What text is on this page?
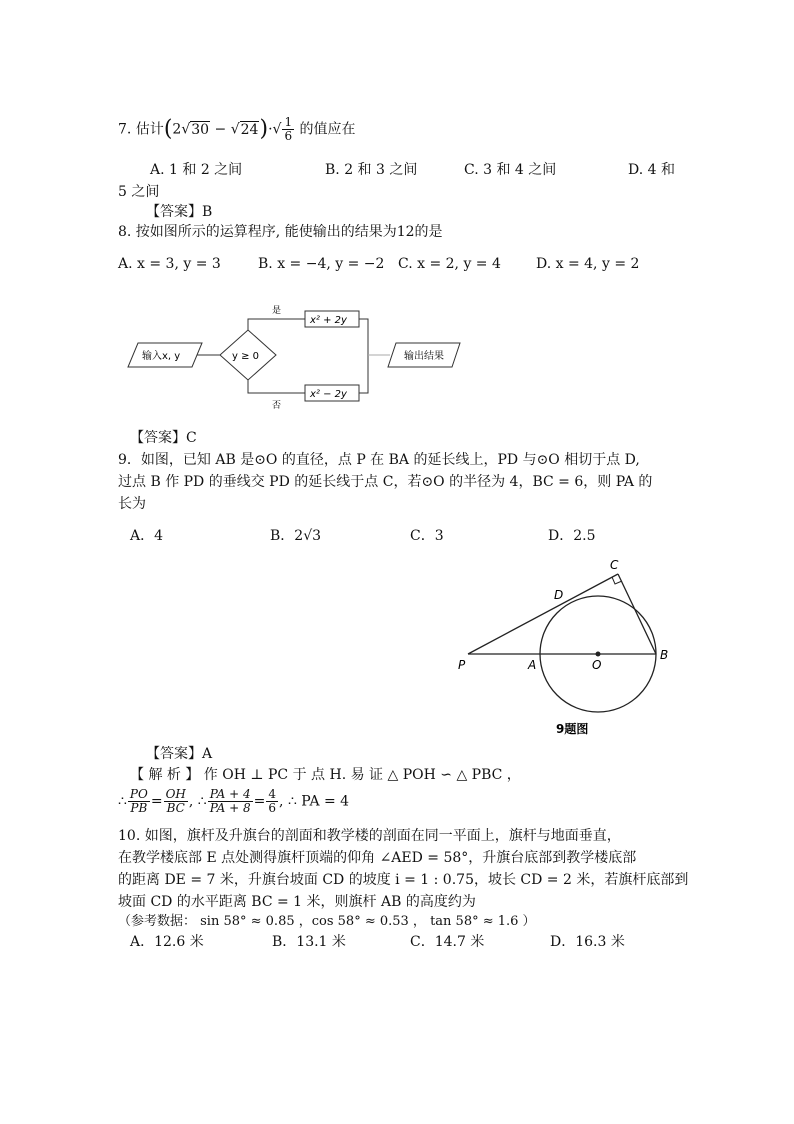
7. 估计$(2√30 - √24)\cdot√ \frac{1}{6}$ 的值应在
A. 1 和 2 之间	B. 2 和 3 之间	C. 3 和 4 之间	D. 4 和
5 之间
【答案】B
8. 按如图所示的运算程序, 能使输出的结果为12的是
A. x = 3, y = 3	B. x = −4, y = −2 C. x = 2, y = 4	D. x = 4, y = 2
输入x, y	y ≥ 0
是
否
x² + 2y
x² − 2y
输出结果
【答案】C
9．如图，已知 AB 是⊙O 的直径，点 P 在 BA 的延长线上，PD 与⊙O 相切于点 D,
过点 B 作 PD 的垂线交 PD 的延长线于点 C，若⊙O 的半径为 4，BC = 6，则 PA 的
长为
A．4	B．2√3	C．3	D．2.5
P	A	O
B
C
D
9题图
【答案】A
【 解 析 】 作 OH ⊥ PC 于 点 H. 易 证 △ POH ∽ △ PBC ，
∴ $\frac{PO}{PB} = \frac{OH}{BC}$ , ∴ $\frac{PA + 4}{PA + 8} = \frac{4}{6}$ , ∴ PA = 4
10. 如图，旗杆及升旗台的剖面和教学楼的剖面在同一平面上，旗杆与地面垂直，
在教学楼底部 E 点处测得旗杆顶端的仰角 ∠AED = 58°，升旗台底部到教学楼底部
的距离 DE = 7 米，升旗台坡面 CD 的坡度 i = 1 : 0.75，坡长 CD = 2 米，若旗杆底部到
坡面 CD 的水平距离 BC = 1 米，则旗杆 AB 的高度约为
（参考数据： sin 58° ≈ 0.85 ，cos 58° ≈ 0.53 ， tan 58° ≈ 1.6 ）
A．12.6 米	B．13.1 米	C．14.7 米	D．16.3 米
